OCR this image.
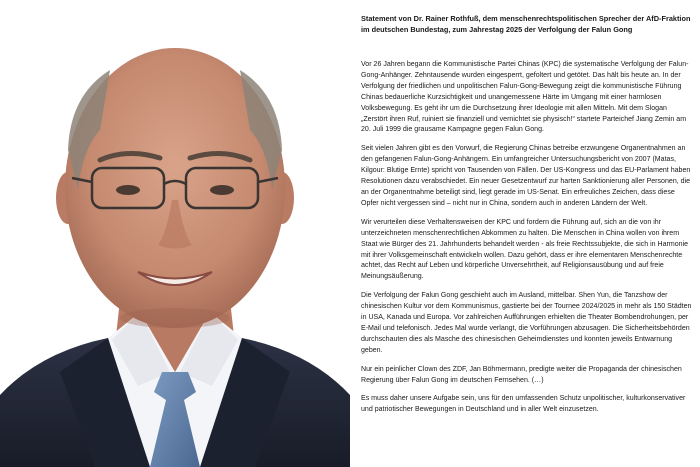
Statement von Dr. Rainer Rothfuß, dem menschenrechtspolitischen Sprecher der AfD-Fraktion im deutschen Bundestag, zum Jahrestag 2025 der Verfolgung der Falun Gong

Vor 26 Jahren begann die Kommunistische Partei Chinas (KPC) die systematische Verfolgung der Falun-Gong-Anhänger. Zehntausende wurden eingesperrt, gefoltert und getötet. Das hält bis heute an. In der Verfolgung der friedlichen und unpolitischen Falun-Gong-Bewegung zeigt die kommunistische Führung Chinas bedauerliche Kurzsichtigkeit und unangemessene Härte im Umgang mit einer harmlosen Volksbewegung. Es geht ihr um die Durchsetzung ihrer Ideologie mit allen Mitteln. Mit dem Slogan „Zerstört ihren Ruf, ruiniert sie finanziell und vernichtet sie physisch!“ startete Parteichef Jiang Zemin am 20. Juli 1999 die grausame Kampagne gegen Falun Gong.

Seit vielen Jahren gibt es den Vorwurf, die Regierung Chinas betreibe erzwungene Organentnahmen an den gefangenen Falun-Gong-Anhängern. Ein umfangreicher Untersuchungsbericht von 2007 (Matas, Kilgour: Blutige Ernte) spricht von Tausenden von Fällen. Der US-Kongress und das EU-Parlament haben Resolutionen dazu verabschiedet. Ein neuer Gesetzentwurf zur harten Sanktionierung aller Personen, die an der Organentnahme beteiligt sind, liegt gerade im US-Senat. Ein erfreuliches Zeichen, dass diese Opfer nicht vergessen sind – nicht nur in China, sondern auch in anderen Ländern der Welt.

Wir verurteilen diese Verhaltensweisen der KPC und fordern die Führung auf, sich an die von ihr unterzeichneten menschenrechtlichen Abkommen zu halten. Die Menschen in China wollen von ihrem Staat wie Bürger des 21. Jahrhunderts behandelt werden - als freie Rechtssubjekte, die sich in Harmonie mit ihrer Volksgemeinschaft entwickeln wollen. Dazu gehört, dass er ihre elementaren Menschenrechte achtet, das Recht auf Leben und körperliche Unversehrtheit, auf Religionsausübung und auf freie Meinungsäußerung.

Die Verfolgung der Falun Gong geschieht auch im Ausland, mittelbar. Shen Yun, die Tanzshow der chinesischen Kultur vor dem Kommunismus, gastierte bei der Tournee 2024/2025 in mehr als 150 Städten in USA, Kanada und Europa. Vor zahlreichen Aufführungen erhielten die Theater Bombendrohungen, per E-Mail und telefonisch. Jedes Mal wurde verlangt, die Vorführungen abzusagen. Die Sicherheitsbehörden durchschauten dies als Masche des chinesischen Geheimdienstes und konnten jeweils Entwarnung geben.

Nur ein peinlicher Clown des ZDF, Jan Böhmermann, predigte weiter die Propaganda der chinesischen Regierung über Falun Gong im deutschen Fernsehen. (…)

Es muss daher unsere Aufgabe sein, uns für den umfassenden Schutz unpolitischer, kulturkonservativer und patriotischer Bewegungen in Deutschland und in aller Welt einzusetzen.
